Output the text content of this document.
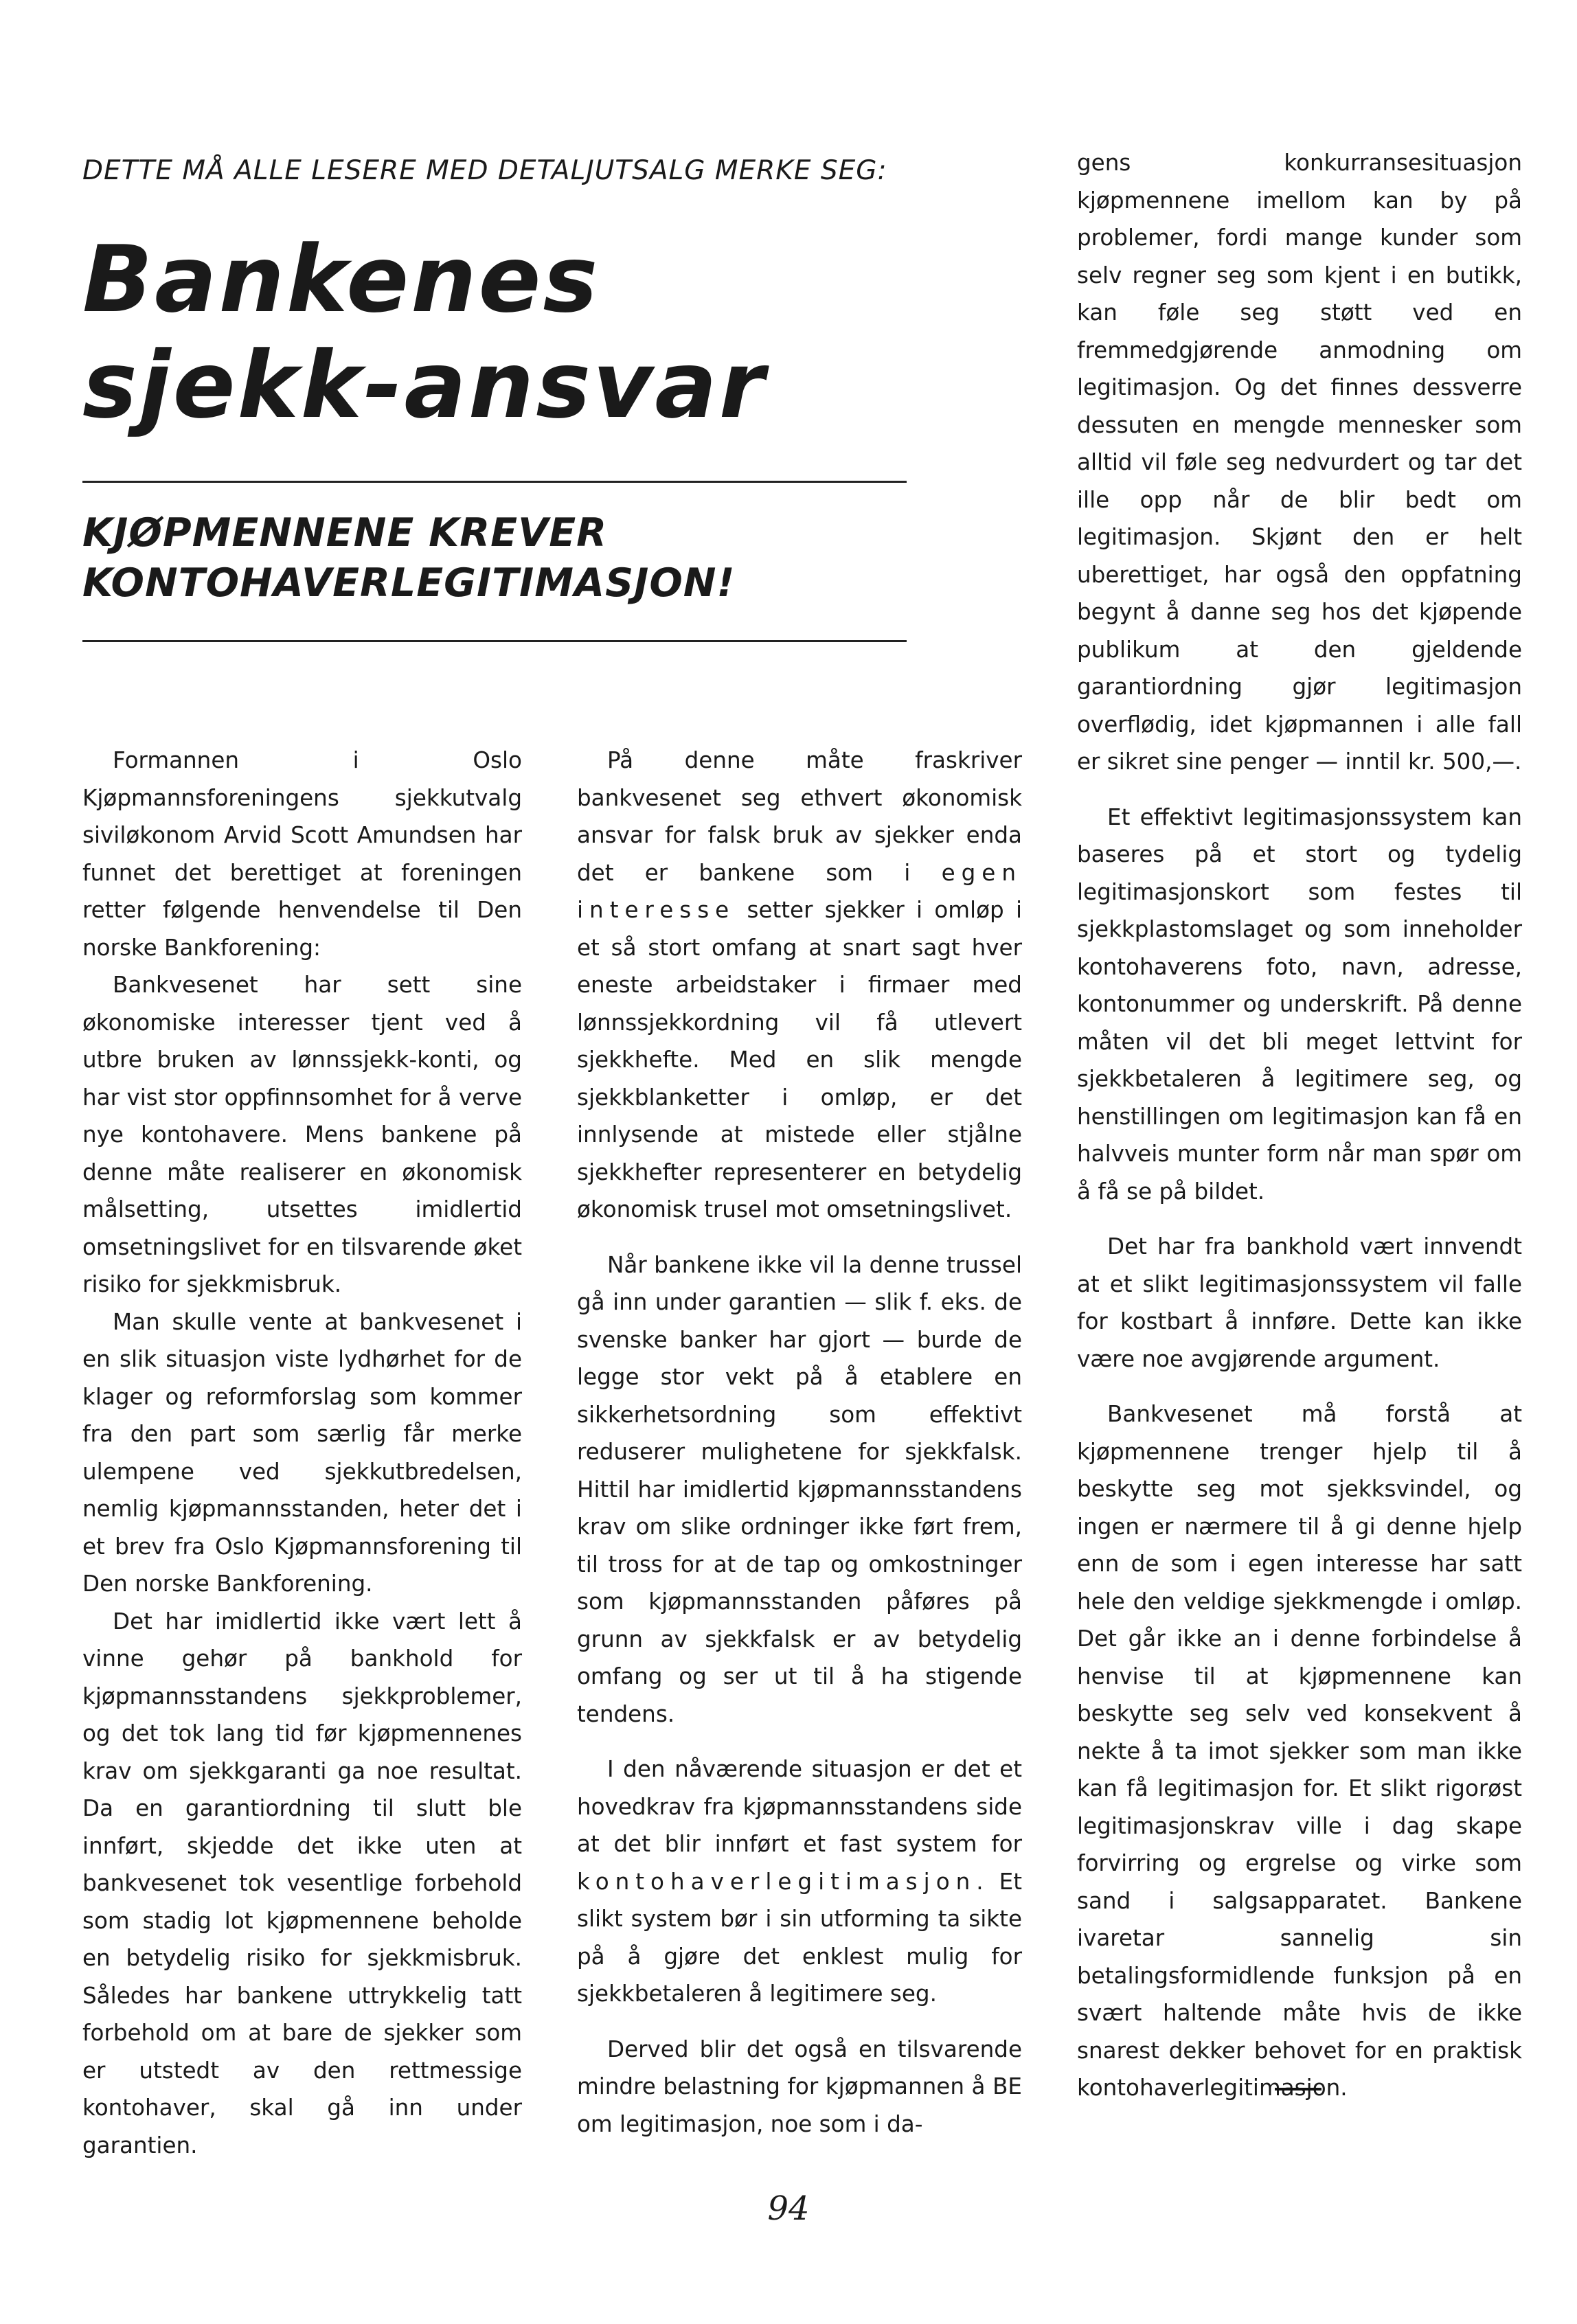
DETTE MÅ ALLE LESERE MED DETALJUTSALG MERKE SEG:

Bankenes
sjekk-ansvar
KJØPMENNENE KREVER
KONTOHAVERLEGITIMASJON!

Formannen i Oslo Kjøpmannsforeningens sjekkutvalg siviløkonom Arvid Scott Amundsen har funnet det berettiget at foreningen retter følgende henvendelse til Den norske Bankforening:

Bankvesenet har sett sine økonomiske interesser tjent ved å utbre bruken av lønnssjekk-konti, og har vist stor oppfinnsomhet for å verve nye kontohavere. Mens bankene på denne måte realiserer en økonomisk målsetting, utsettes imidlertid omsetningslivet for en tilsvarende øket risiko for sjekkmisbruk.

Man skulle vente at bankvesenet i en slik situasjon viste lydhørhet for de klager og reformforslag som kommer fra den part som særlig får merke ulempene ved sjekkutbredelsen, nemlig kjøpmannsstanden, heter det i et brev fra Oslo Kjøpmannsforening til Den norske Bankforening.

Det har imidlertid ikke vært lett å vinne gehør på bankhold for kjøpmannsstandens sjekkproblemer, og det tok lang tid før kjøpmennenes krav om sjekkgaranti ga noe resultat. Da en garantiordning til slutt ble innført, skjedde det ikke uten at bankvesenet tok vesentlige forbehold som stadig lot kjøpmennene beholde en betydelig risiko for sjekkmisbruk. Således har bankene uttrykkelig tatt forbehold om at bare de sjekker som er utstedt av den rettmessige kontohaver, skal gå inn under garantien.

På denne måte fraskriver bankvesenet seg ethvert økonomisk ansvar for falsk bruk av sjekker enda det er bankene som i egen interesse setter sjekker i omløp i et så stort omfang at snart sagt hver eneste arbeidstaker i firmaer med lønnssjekkordning vil få utlevert sjekkhefte. Med en slik mengde sjekkblanketter i omløp, er det innlysende at mistede eller stjålne sjekkhefter representerer en betydelig økonomisk trusel mot omsetningslivet.

Når bankene ikke vil la denne trussel gå inn under garantien — slik f. eks. de svenske banker har gjort — burde de legge stor vekt på å etablere en sikkerhetsordning som effektivt reduserer mulighetene for sjekkfalsk. Hittil har imidlertid kjøpmannsstandens krav om slike ordninger ikke ført frem, til tross for at de tap og omkostninger som kjøpmannsstanden påføres på grunn av sjekkfalsk er av betydelig omfang og ser ut til å ha stigende tendens.

I den nåværende situasjon er det et hovedkrav fra kjøpmannsstandens side at det blir innført et fast system for kontohaverlegitimasjon. Et slikt system bør i sin utforming ta sikte på å gjøre det enklest mulig for sjekkbetaleren å legitimere seg.

Derved blir det også en tilsvarende mindre belastning for kjøpmannen å BE om legitimasjon, noe som i da-

gens konkurransesituasjon kjøpmennene imellom kan by på problemer, fordi mange kunder som selv regner seg som kjent i en butikk, kan føle seg støtt ved en fremmedgjørende anmodning om legitimasjon. Og det finnes dessverre dessuten en mengde mennesker som alltid vil føle seg nedvurdert og tar det ille opp når de blir bedt om legitimasjon. Skjønt den er helt uberettiget, har også den oppfatning begynt å danne seg hos det kjøpende publikum at den gjeldende garantiordning gjør legitimasjon overflødig, idet kjøpmannen i alle fall er sikret sine penger — inntil kr. 500,—.

Et effektivt legitimasjonssystem kan baseres på et stort og tydelig legitimasjonskort som festes til sjekkplastomslaget og som inneholder kontohaverens foto, navn, adresse, kontonummer og underskrift. På denne måten vil det bli meget lettvint for sjekkbetaleren å legitimere seg, og henstillingen om legitimasjon kan få en halvveis munter form når man spør om å få se på bildet.

Det har fra bankhold vært innvendt at et slikt legitimasjonssystem vil falle for kostbart å innføre. Dette kan ikke være noe avgjørende argument.

Bankvesenet må forstå at kjøpmennene trenger hjelp til å beskytte seg mot sjekksvindel, og ingen er nærmere til å gi denne hjelp enn de som i egen interesse har satt hele den veldige sjekkmengde i omløp. Det går ikke an i denne forbindelse å henvise til at kjøpmennene kan beskytte seg selv ved konsekvent å nekte å ta imot sjekker som man ikke kan få legitimasjon for. Et slikt rigorøst legitimasjonskrav ville i dag skape forvirring og ergrelse og virke som sand i salgsapparatet. Bankene ivaretar sannelig sin betalingsformidlende funksjon på en svært haltende måte hvis de ikke snarest dekker behovet for en praktisk kontohaverlegitimasjon.

94
